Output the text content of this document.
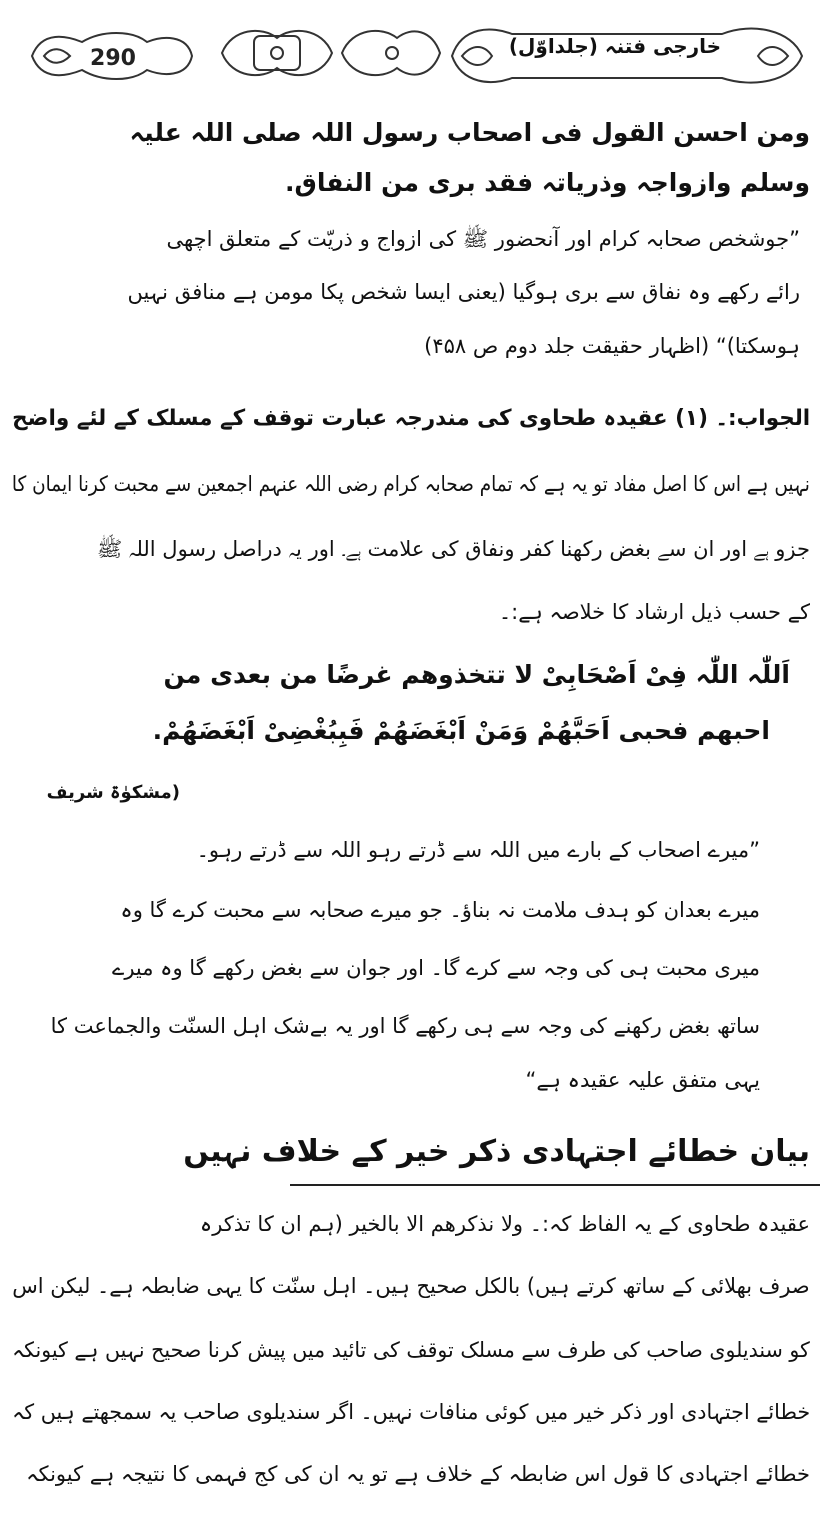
290	خارجی فتنہ (جلداوّل)
ومن احسن القول فی اصحاب رسول اللہ صلی اللہ علیہ
وسلم وازواجہ وذریاتہ فقد بری من النفاق.
”جوشخص صحابہ کرام اور آنحضور ﷺ کی ازواج و ذریّت کے متعلق اچھی
رائے رکھے وہ نفاق سے بری ہوگیا (یعنی ایسا شخص پکا مومن ہے منافق نہیں
ہوسکتا)“ (اظہار حقیقت جلد دوم ص ۴۵۸)
الجواب:۔ (۱) عقیدہ طحاوی کی مندرجہ عبارت توقف کے مسلک کے لئے واضح
نہیں ہے اس کا اصل مفاد تو یہ ہے کہ تمام صحابہ کرام رضی اللہ عنہم اجمعین سے محبت کرنا ایمان کا
جزو ہے اور ان سے بغض رکھنا کفر ونفاق کی علامت ہے۔ اور یہ دراصل رسول اللہ ﷺ
کے حسب ذیل ارشاد کا خلاصہ ہے:۔
اَللّٰہ اللّٰہ فِیْ اَصْحَابِیْ لا تتخذوھم غرضًا من بعدی من
احبھم فحبی اَحَبَّھُمْ وَمَنْ اَبْغَضَھُمْ فَبِبُغْضِیْ اَبْغَضَھُمْ.
(مشکوٰۃ شریف
”میرے اصحاب کے بارے میں اللہ سے ڈرتے رہو اللہ سے ڈرتے رہو۔
میرے بعدان کو ہدف ملامت نہ بناؤ۔ جو میرے صحابہ سے محبت کرے گا وہ
میری محبت ہی کی وجہ سے کرے گا۔ اور جوان سے بغض رکھے گا وہ میرے
ساتھ بغض رکھنے کی وجہ سے ہی رکھے گا اور یہ بےشک اہل السنّت والجماعت کا
یہی متفق علیہ عقیدہ ہے“
بیان خطائے اجتہادی ذکر خیر کے خلاف نہیں
عقیدہ طحاوی کے یہ الفاظ کہ:۔ ولا نذکرھم الا بالخیر (ہم ان کا تذکرہ
صرف بھلائی کے ساتھ کرتے ہیں) بالکل صحیح ہیں۔ اہل سنّت کا یہی ضابطہ ہے۔ لیکن اس
کو سندیلوی صاحب کی طرف سے مسلک توقف کی تائید میں پیش کرنا صحیح نہیں ہے کیونکہ
خطائے اجتہادی اور ذکر خیر میں کوئی منافات نہیں۔ اگر سندیلوی صاحب یہ سمجھتے ہیں کہ
خطائے اجتہادی کا قول اس ضابطہ کے خلاف ہے تو یہ ان کی کج فہمی کا نتیجہ ہے کیونکہ
